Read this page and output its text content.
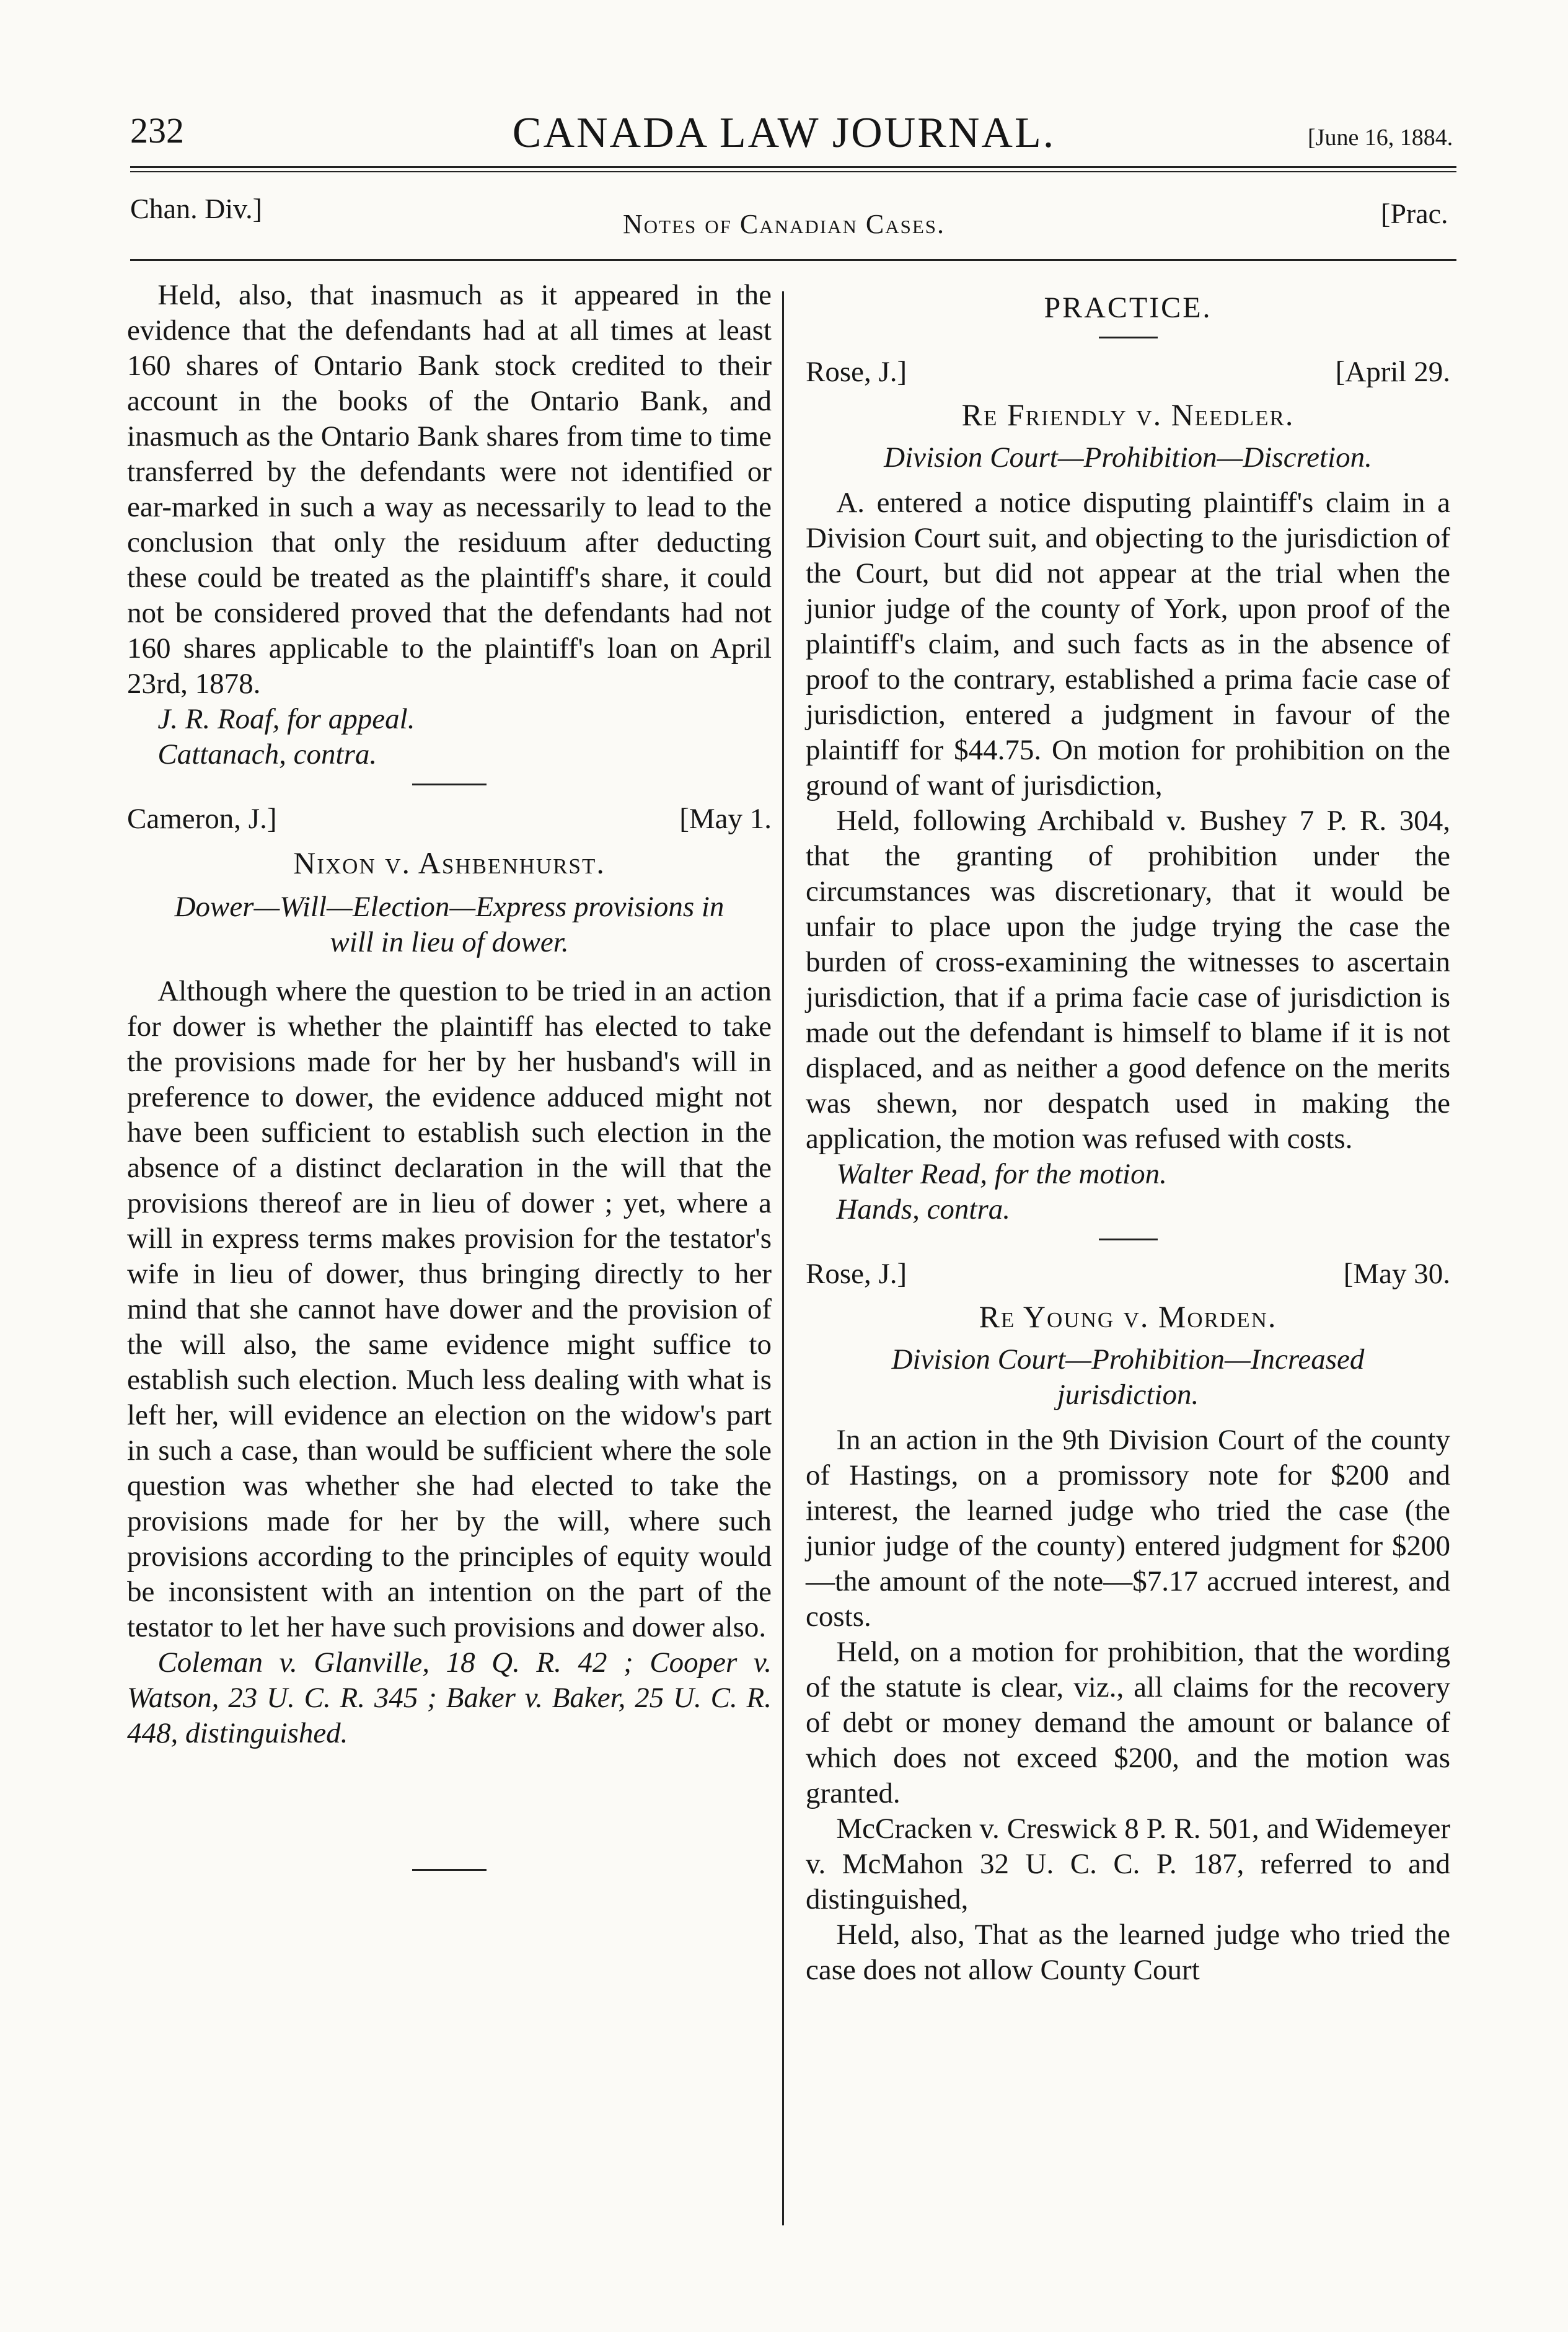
232	CANADA LAW JOURNAL.	[June 16, 1884.
Chan. Div.]	Notes of Canadian Cases.	[Prac.

Held, also, that inasmuch as it appeared in the evidence that the defendants had at all times at least 160 shares of Ontario Bank stock credited to their account in the books of the Ontario Bank, and inasmuch as the Ontario Bank shares from time to time transferred by the defendants were not identified or ear-marked in such a way as necessarily to lead to the conclusion that only the residuum after deducting these could be treated as the plaintiff's share, it could not be considered proved that the defendants had not 160 shares applicable to the plaintiff's loan on April 23rd, 1878.

J. R. Roaf, for appeal.

Cattanach, contra.

Cameron, J.]	[May 1.
Nixon v. Ashbenhurst.
Dower—Will—Election—Express provisions in will in lieu of dower.

Although where the question to be tried in an action for dower is whether the plaintiff has elected to take the provisions made for her by her husband's will in preference to dower, the evidence adduced might not have been sufficient to establish such election in the absence of a distinct declaration in the will that the provisions thereof are in lieu of dower ; yet, where a will in express terms makes provision for the testator's wife in lieu of dower, thus bringing directly to her mind that she cannot have dower and the provision of the will also, the same evidence might suffice to establish such election. Much less dealing with what is left her, will evidence an election on the widow's part in such a case, than would be sufficient where the sole question was whether she had elected to take the provisions made for her by the will, where such provisions according to the principles of equity would be inconsistent with an intention on the part of the testator to let her have such provisions and dower also.

Coleman v. Glanville, 18 Q. R. 42 ; Cooper v. Watson, 23 U. C. R. 345 ; Baker v. Baker, 25 U. C. R. 448, distinguished.

PRACTICE.
Rose, J.]	[April 29.
Re Friendly v. Needler.
Division Court—Prohibition—Discretion.

A. entered a notice disputing plaintiff's claim in a Division Court suit, and objecting to the jurisdiction of the Court, but did not appear at the trial when the junior judge of the county of York, upon proof of the plaintiff's claim, and such facts as in the absence of proof to the contrary, established a prima facie case of jurisdiction, entered a judgment in favour of the plaintiff for $44.75. On motion for prohibition on the ground of want of jurisdiction,

Held, following Archibald v. Bushey 7 P. R. 304, that the granting of prohibition under the circumstances was discretionary, that it would be unfair to place upon the judge trying the case the burden of cross-examining the witnesses to ascertain jurisdiction, that if a prima facie case of jurisdiction is made out the defendant is himself to blame if it is not displaced, and as neither a good defence on the merits was shewn, nor despatch used in making the application, the motion was refused with costs.

Walter Read, for the motion.

Hands, contra.

Rose, J.]	[May 30.
Re Young v. Morden.
Division Court—Prohibition—Increased jurisdiction.

In an action in the 9th Division Court of the county of Hastings, on a promissory note for $200 and interest, the learned judge who tried the case (the junior judge of the county) entered judgment for $200—the amount of the note—$7.17 accrued interest, and costs.

Held, on a motion for prohibition, that the wording of the statute is clear, viz., all claims for the recovery of debt or money demand the amount or balance of which does not exceed $200, and the motion was granted.

McCracken v. Creswick 8 P. R. 501, and Widemeyer v. McMahon 32 U. C. C. P. 187, referred to and distinguished,

Held, also, That as the learned judge who tried the case does not allow County Court
